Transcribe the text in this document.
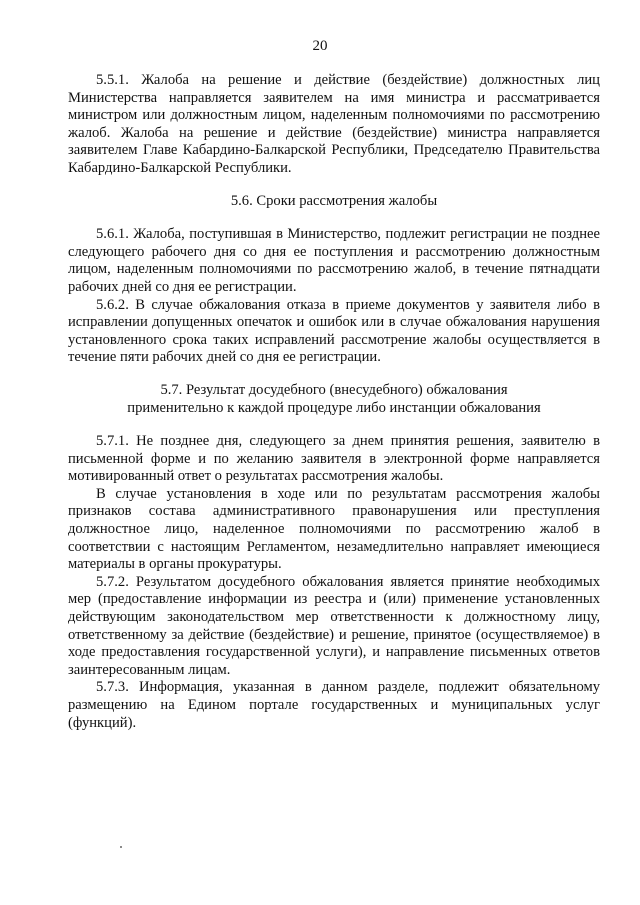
20

5.5.1. Жалоба на решение и действие (бездействие) должностных лиц Министерства направляется заявителем на имя министра и рассматривается министром или должностным лицом, наделенным полномочиями по рассмотрению жалоб. Жалоба на решение и действие (бездействие) министра направляется заявителем Главе Кабардино-Балкарской Республики, Председателю Правительства Кабардино-Балкарской Республики.

5.6. Сроки рассмотрения жалобы

5.6.1. Жалоба, поступившая в Министерство, подлежит регистрации не позднее следующего рабочего дня со дня ее поступления и рассмотрению должностным лицом, наделенным полномочиями по рассмотрению жалоб, в течение пятнадцати рабочих дней со дня ее регистрации.

5.6.2. В случае обжалования отказа в приеме документов у заявителя либо в исправлении допущенных опечаток и ошибок или в случае обжалования нарушения установленного срока таких исправлений рассмотрение жалобы осуществляется в течение пяти рабочих дней со дня ее регистрации.

5.7. Результат досудебного (внесудебного) обжалования
применительно к каждой процедуре либо инстанции обжалования

5.7.1. Не позднее дня, следующего за днем принятия решения, заявителю в письменной форме и по желанию заявителя в электронной форме направляется мотивированный ответ о результатах рассмотрения жалобы.

В случае установления в ходе или по результатам рассмотрения жалобы признаков состава административного правонарушения или преступления должностное лицо, наделенное полномочиями по рассмотрению жалоб в соответствии с настоящим Регламентом, незамедлительно направляет имеющиеся материалы в органы прокуратуры.

5.7.2. Результатом досудебного обжалования является принятие необходимых мер (предоставление информации из реестра и (или) применение установленных действующим законодательством мер ответственности к должностному лицу, ответственному за действие (бездействие) и решение, принятое (осуществляемое) в ходе предоставления государственной услуги), и направление письменных ответов заинтересованным лицам.

5.7.3. Информация, указанная в данном разделе, подлежит обязательному размещению на Едином портале государственных и муниципальных услуг (функций).
